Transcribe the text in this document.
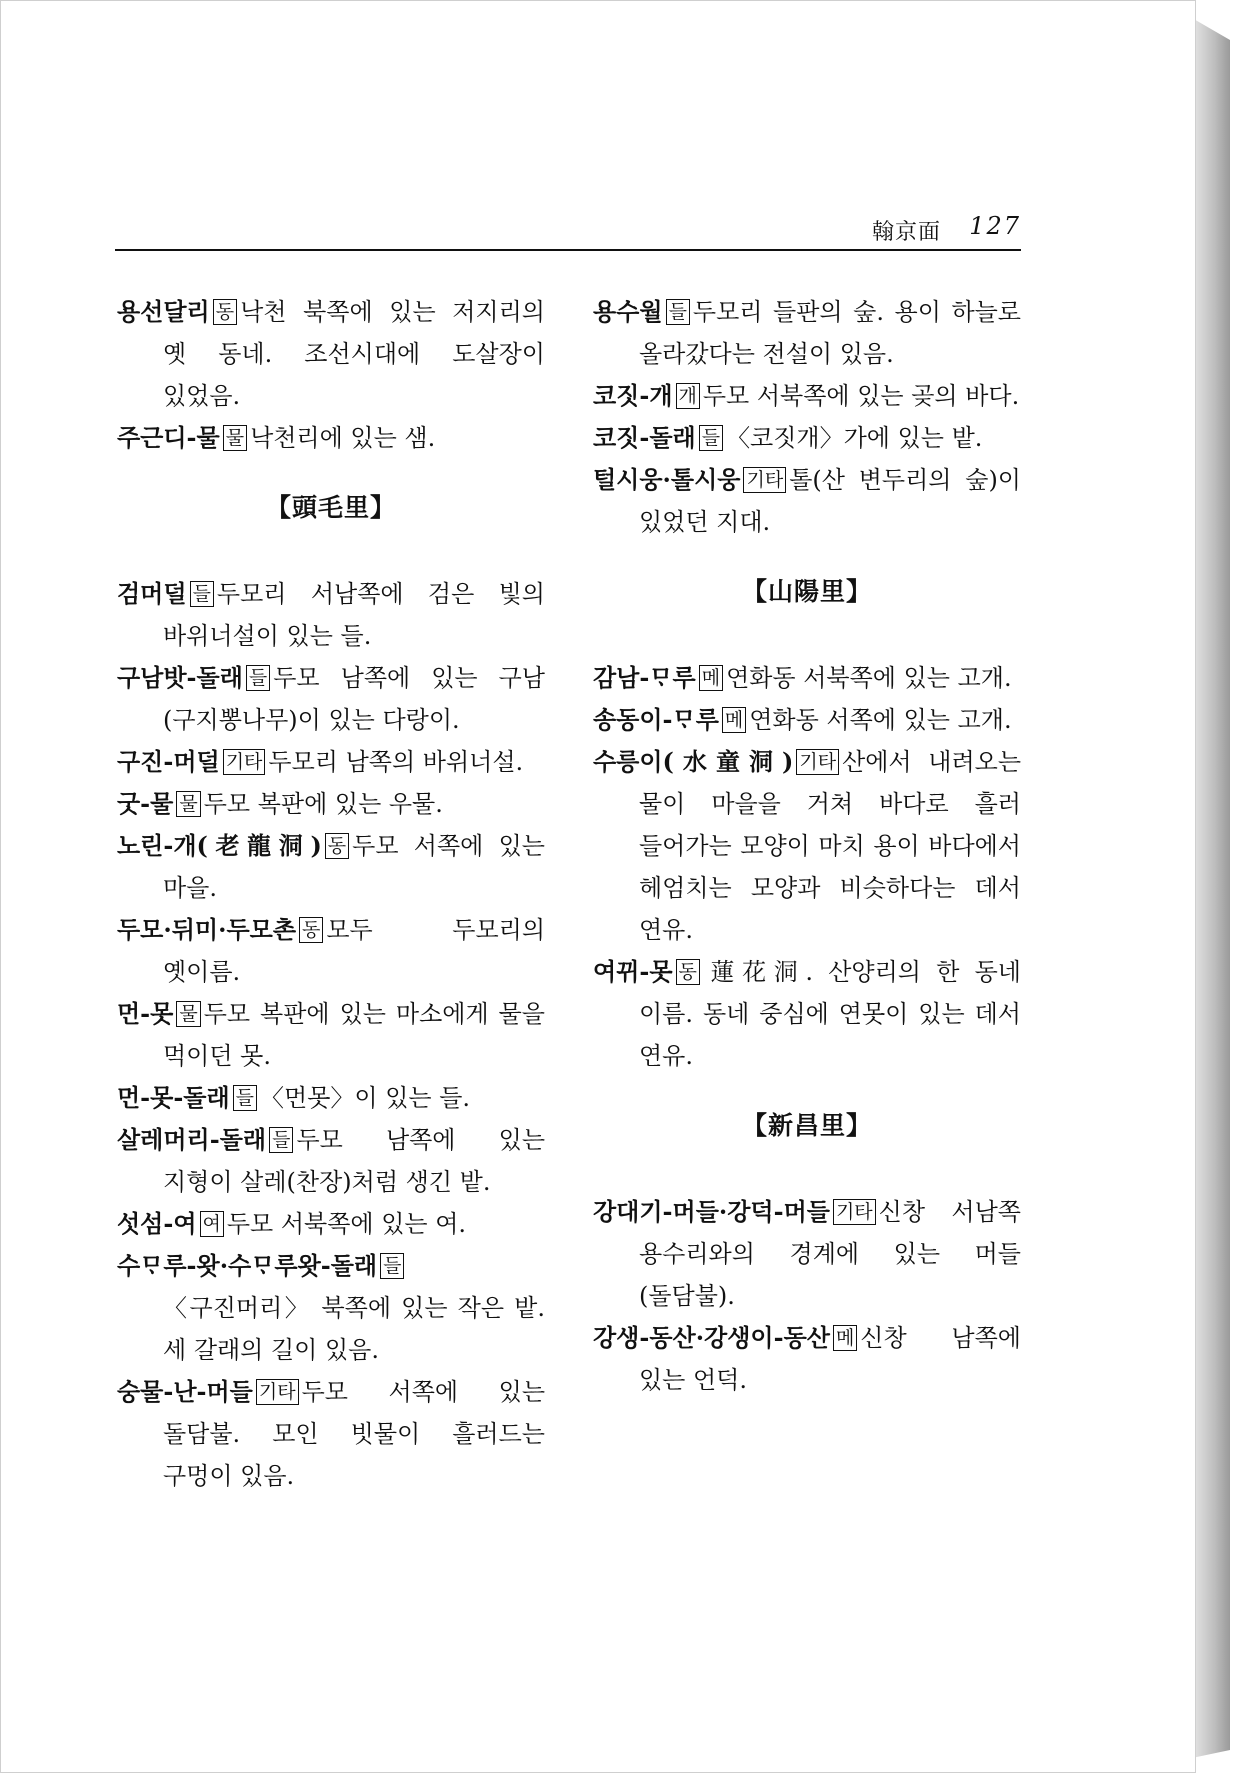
翰京面 127
용선달리 동 낙천 북쪽에 있는 저지리의 옛 동네. 조선시대에 도살장이 있었음.
주근디-물 물 낙천리에 있는 샘.
【頭毛里】
검머덜 들 두모리 서남쪽에 검은 빛의 바위너설이 있는 들.
구남밧-돌래 들 두모 남쪽에 있는 구남(구지뽕나무)이 있는 다랑이.
구진-머덜 기타 두모리 남쪽의 바위너설.
굿-물 물 두모 복판에 있는 우물.
노린-개(老龍洞) 동 두모 서쪽에 있는 마을.
두모·뒤미·두모촌 동 모두 두모리의 옛이름.
먼-못 물 두모 복판에 있는 마소에게 물을 먹이던 못.
먼-못-돌래 들 〈먼못〉이 있는 들.
살레머리-돌래 들 두모 남쪽에 있는 지형이 살레(찬장)처럼 생긴 밭.
섯섬-여 여 두모 서북쪽에 있는 여.
수ᄆᆞ루-왓·수ᄆᆞ루왓-돌래 들〈구진머리〉 북쪽에 있는 작은 밭. 세 갈래의 길이 있음.
숭물-난-머들 기타 두모 서쪽에 있는 돌담불. 모인 빗물이 흘러드는 구멍이 있음.
용수월 들 두모리 들판의 숲. 용이 하늘로 올라갔다는 전설이 있음.
코짓-개 개 두모 서북쪽에 있는 곶의 바다.
코짓-돌래 들 〈코짓개〉가에 있는 밭.
털시웅·톨시웅 기타 톨(산 변두리의 숲)이 있었던 지대.
【山陽里】
감남-ᄆᆞ루 메 연화동 서북쪽에 있는 고개.
송동이-ᄆᆞ루 메 연화동 서쪽에 있는 고개.
수릉이(水童洞) 기타 산에서 내려오는 물이 마을을 거쳐 바다로 흘러 들어가는 모양이 마치 용이 바다에서 헤엄치는 모양과 비슷하다는 데서 연유.
여뀌-못 동 蓮花洞. 산양리의 한 동네 이름. 동네 중심에 연못이 있는 데서 연유.
【新昌里】
강대기-머들·강덕-머들 기타 신창 서남쪽 용수리와의 경계에 있는 머들(돌담불).
강생-동산·강생이-동산 메 신창 남쪽에 있는 언덕.
